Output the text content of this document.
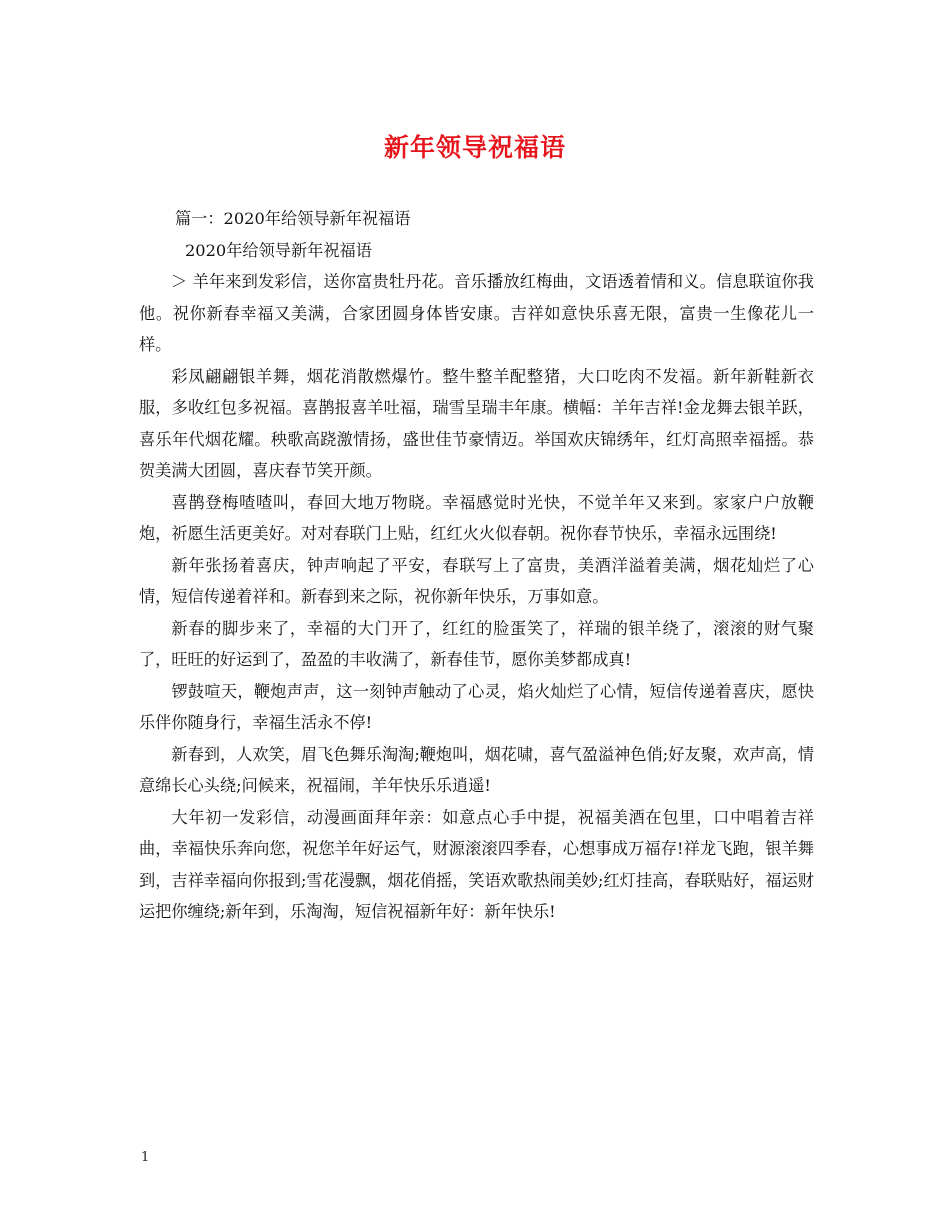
新年领导祝福语

篇一：2020年给领导新年祝福语

2020年给领导新年祝福语

＞ 羊年来到发彩信，送你富贵牡丹花。音乐播放红梅曲，文语透着情和义。信息联谊你我他。祝你新春幸福又美满，合家团圆身体皆安康。吉祥如意快乐喜无限，富贵一生像花儿一样。

彩凤翩翩银羊舞，烟花消散燃爆竹。整牛整羊配整猪，大口吃肉不发福。新年新鞋新衣服，多收红包多祝福。喜鹊报喜羊吐福，瑞雪呈瑞丰年康。横幅：羊年吉祥!金龙舞去银羊跃，喜乐年代烟花耀。秧歌高跷激情扬，盛世佳节豪情迈。举国欢庆锦绣年，红灯高照幸福摇。恭贺美满大团圆，喜庆春节笑开颜。

喜鹊登梅喳喳叫，春回大地万物晓。幸福感觉时光快，不觉羊年又来到。家家户户放鞭炮，祈愿生活更美好。对对春联门上贴，红红火火似春朝。祝你春节快乐，幸福永远围绕!

新年张扬着喜庆，钟声响起了平安，春联写上了富贵，美酒洋溢着美满，烟花灿烂了心情，短信传递着祥和。新春到来之际，祝你新年快乐，万事如意。

新春的脚步来了，幸福的大门开了，红红的脸蛋笑了，祥瑞的银羊绕了，滚滚的财气聚了，旺旺的好运到了，盈盈的丰收满了，新春佳节，愿你美梦都成真!

锣鼓喧天，鞭炮声声，这一刻钟声触动了心灵，焰火灿烂了心情，短信传递着喜庆，愿快乐伴你随身行，幸福生活永不停!

新春到，人欢笑，眉飞色舞乐淘淘;鞭炮叫，烟花啸，喜气盈溢神色俏;好友聚，欢声高，情意绵长心头绕;问候来，祝福闹，羊年快乐乐逍遥!

大年初一发彩信，动漫画面拜年亲：如意点心手中提，祝福美酒在包里，口中唱着吉祥曲，幸福快乐奔向您，祝您羊年好运气，财源滚滚四季春，心想事成万福存!祥龙飞跑，银羊舞到，吉祥幸福向你报到;雪花漫飘，烟花俏摇，笑语欢歌热闹美妙;红灯挂高，春联贴好，福运财运把你缠绕;新年到，乐淘淘，短信祝福新年好：新年快乐!

1
